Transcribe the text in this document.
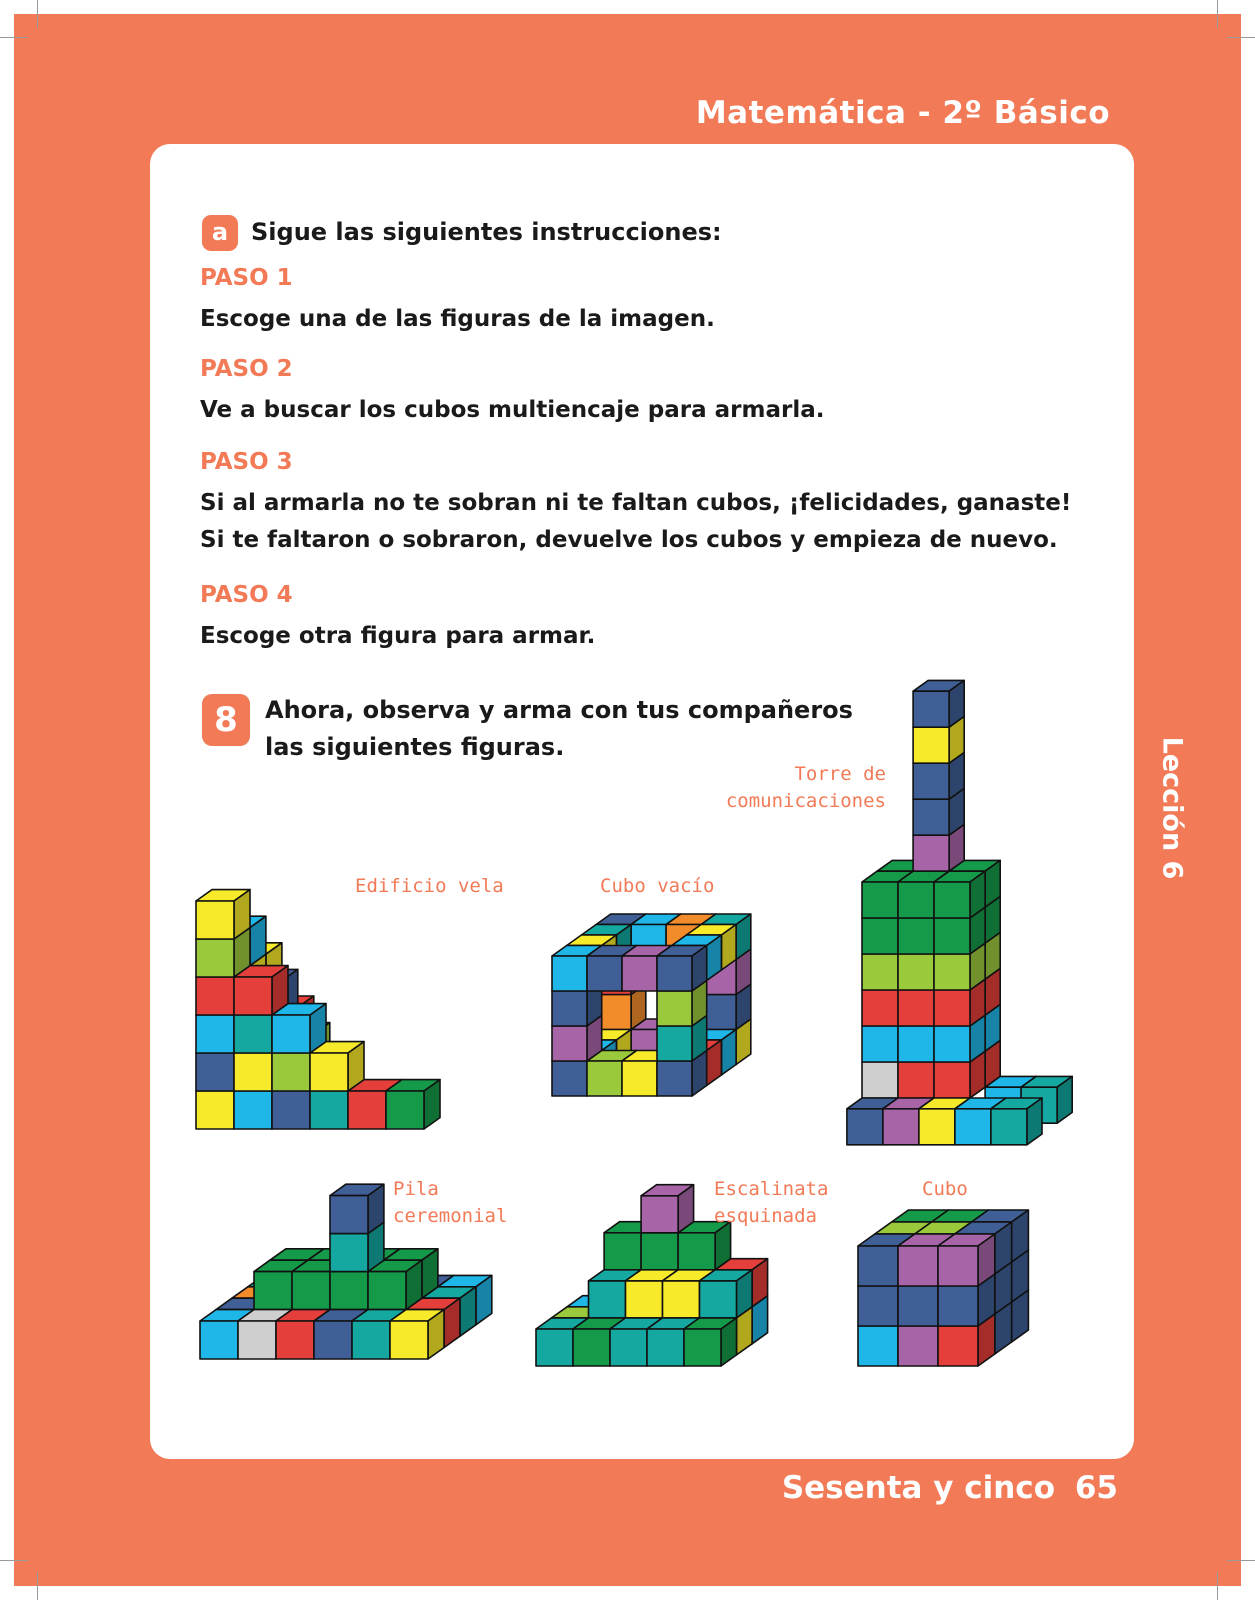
Matemática - 2º Básico
a Sigue las siguientes instrucciones:
PASO 1
Escoge una de las figuras de la imagen.
PASO 2
Ve a buscar los cubos multiencaje para armarla.
PASO 3
Si al armarla no te sobran ni te faltan cubos, ¡felicidades, ganaste!
Si te faltaron o sobraron, devuelve los cubos y empieza de nuevo.
PASO 4
Escoge otra figura para armar.
8	Ahora, observa y arma con tus compañeros
las siguientes figuras.
Torre de
comunicaciones
Edificio vela	Cubo vacío
Pila
ceremonial
Escalinata
esquinada
Cubo
Lección 6
Sesenta y cinco 65
